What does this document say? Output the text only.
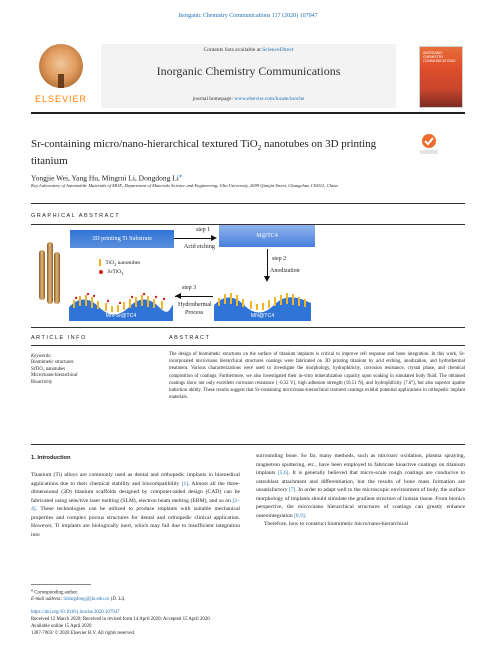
Inorganic Chemistry Communications 117 (2020) 107947
ELSEVIER
Contents lists available at ScienceDirect
Inorganic Chemistry Communications
journal homepage: www.elsevier.com/locate/inoche
INORGANIC CHEMISTRY COMMUNICATIONS
Sr-containing micro/nano-hierarchical textured TiO$_2$ nanotubes on 3D printing titanium
Yongjie Wei, Yang Hu, Mingrui Li, Dongdong Li⁎
Key Laboratory of Automobile Materials of MOE, Department of Materials Science and Engineering, Jilin University, 2699 Qianjin Street, Changchun 130012, China
GRAPHICAL ABSTRACT
3D printing Ti Substrate
step 1
Acid etching
M@TC4
step 2
Anodization
TiO$_2$ nanotubes
SrTiO$_3$
step 3
Hydrothermal
Process
MN-Sr@TC4	MN@TC4
ARTICLE INFO	ABSTRACT
Keywords:
Biomimetic structures
SrTiO₃ nanotubes
Micro/nano-hierarchical
Bioactivity
The design of biomimetic structures on the surface of titanium implants is critical to improve cell response and bone integration. In this work, Sr-incorporated micro/nano hierarchical structures coatings were fabricated on 3D printing titanium by acid etching, anodization, and hydrothermal treatment. Various characterizations were used to investigate the morphology, hydrophilicity, corrosion resistance, crystal phase, and chemical composition of coatings. Furthermore, we also investigated their in-vitro mineralization capacity upon soaking in simulated body fluid. The obtained coatings show not only excellent corrosion resistance (−0.32 V), high adhesion strength (10.51 N), and hydrophilicity (7.6°), but also superior apatite induction ability. These results suggest that Sr-containing micro/nano-hierarchical textured coatings exhibit potential applications in orthopedic implant materials.
1. Introduction
Titanium (Ti) alloys are commonly used as dental and orthopedic implants in biomedical applications due to their chemical stability and biocompatibility [1]. Almost all the three-dimensional (3D) titanium scaffolds designed by computer-aided design (CAD) can be fabricated using selective laser melting (SLM), electron beam melting (EBM), and so on [2–4]. These technologies can be utilized to produce implants with suitable mechanical properties and complex porous structures for dental and orthopedic clinical application. However, Ti implants are biologically inert, which may fail due to insufficient integration into
surrounding bone. So far, many methods, such as microarc oxidation, plasma spraying, magnetron sputtering, etc., have been employed to fabricate bioactive coatings on titanium implants [5,6]. It is generally believed that micro-scale rough coatings are conducive to osteoblast attachment and differentiation, but the results of bone mass formation are unsatisfactory [7]. In order to adapt well to the microscopic environment of body, the surface morphology of implants should simulate the gradient structure of human tissue. From bionics perspective, the micro/nano hierarchical structures of coatings can greatly enhance osseointegration [8,9].
Therefore, how to construct biomimetic micro/nano-hierarchical
⁎ Corresponding author.
E-mail address: lidongdong@jlu.edu.cn (D. Li).
https://doi.org/10.1016/j.inoche.2020.107947
Received 12 March 2020; Received in revised form 14 April 2020; Accepted 15 April 2020
Available online 15 April 2020
1387-7003/ © 2020 Elsevier B.V. All rights reserved.
